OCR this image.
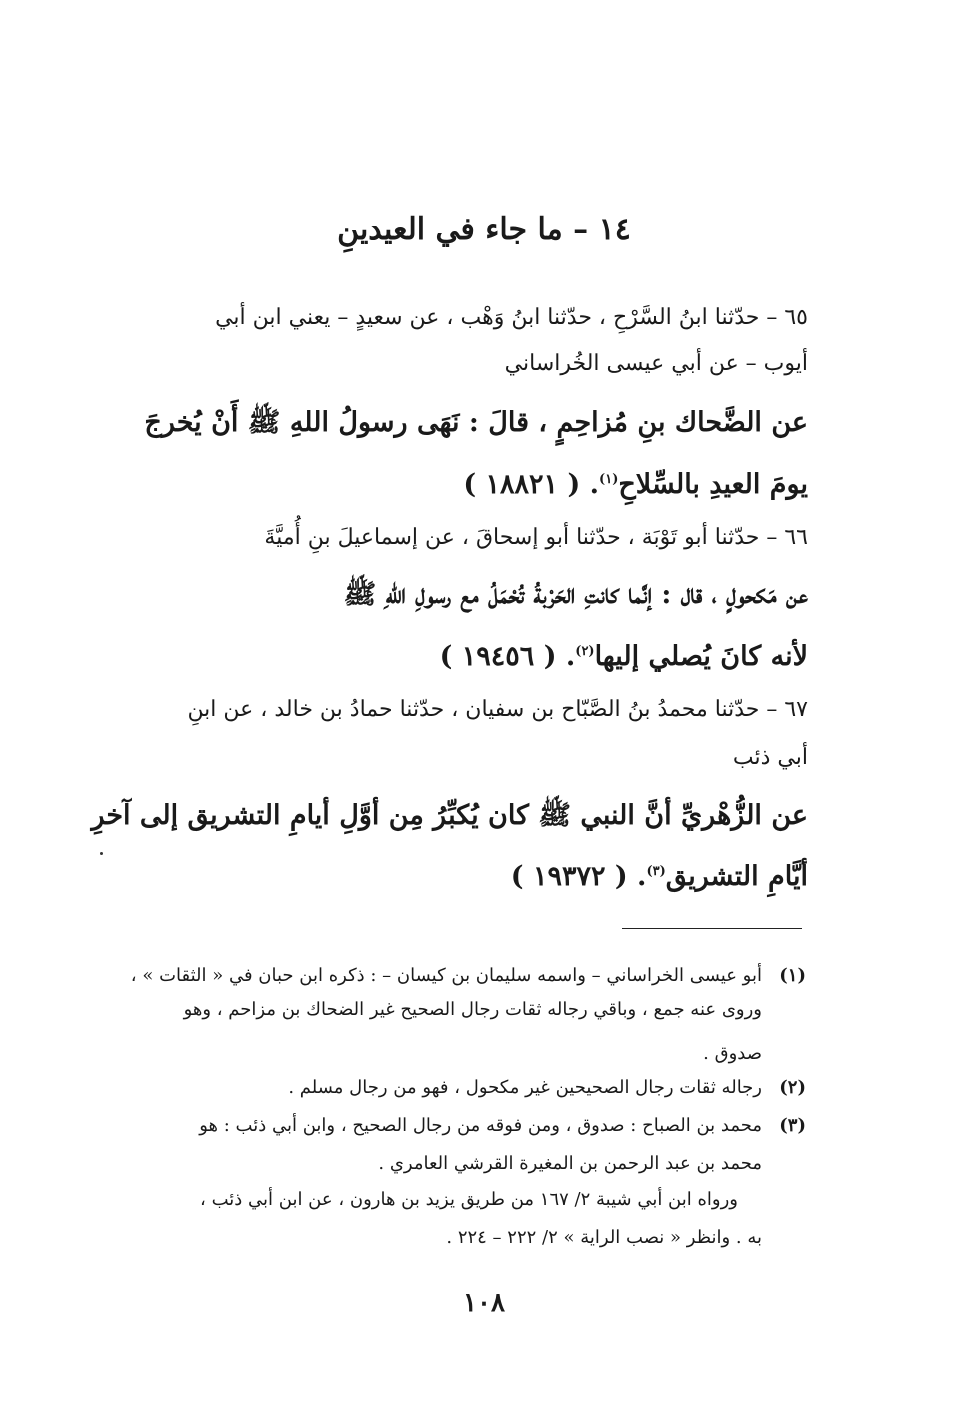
١٤ – ما جاء في العيدينِ
٦٥ – حدّثنا ابنُ السَّرْحِ ، حدّثنا ابنُ وَهْب ، عن سعيدٍ – يعني ابن أبي
أيوب – عن أبي عيسى الخُراساني
عن الضَّحاك بنِ مُزاحِمٍ ، قالَ : نَهَى رسولُ اللهِ ﷺ أَنْ يُخرجَ
يومَ العيدِ بالسِّلاحِ$^{(١)}$. ( ١٨٨٢١ )
٦٦ – حدّثنا أبو تَوْبَة ، حدّثنا أبو إسحاقَ ، عن إسماعيلَ بنِ أُميَّةَ
عن مَكحولٍ ، قال : إنَّما كانتِ الحَرْبةُ تُحْمَلُ مع رسولِ اللهِ ﷺ
لأنه كانَ يُصلي إليها$^{(٢)}$. ( ١٩٤٥٦ )
٦٧ – حدّثنا محمدُ بنُ الصَّبّاح بن سفيان ، حدّثنا حمادُ بن خالد ، عن ابنِ
أبي ذئب
عن الزُّهْريِّ أنَّ النبي ﷺ كان يُكبِّرُ مِن أوَّلِ أيامِ التشريق إلى آخرِ
أيَّامِ التشريق$^{(٣)}$. ( ١٩٣٧٢ )
(١)أبو عيسى الخراساني – واسمه سليمان بن كيسان – : ذكره ابن حبان في « الثقات » ،
وروى عنه جمع ، وباقي رجاله ثقات رجال الصحيح غير الضحاك بن مزاحم ، وهو
صدوق .
(٢)رجاله ثقات رجال الصحيحين غير مكحول ، فهو من رجال مسلم .
(٣)محمد بن الصباح : صدوق ، ومن فوقه من رجال الصحيح ، وابن أبي ذئب : هو
محمد بن عبد الرحمن بن المغيرة القرشي العامري .
ورواه ابن أبي شيبة ٢/ ١٦٧ من طريق يزيد بن هارون ، عن ابن أبي ذئب ،
به . وانظر « نصب الراية » ٢/ ٢٢٢ – ٢٢٤ .
١٠٨
